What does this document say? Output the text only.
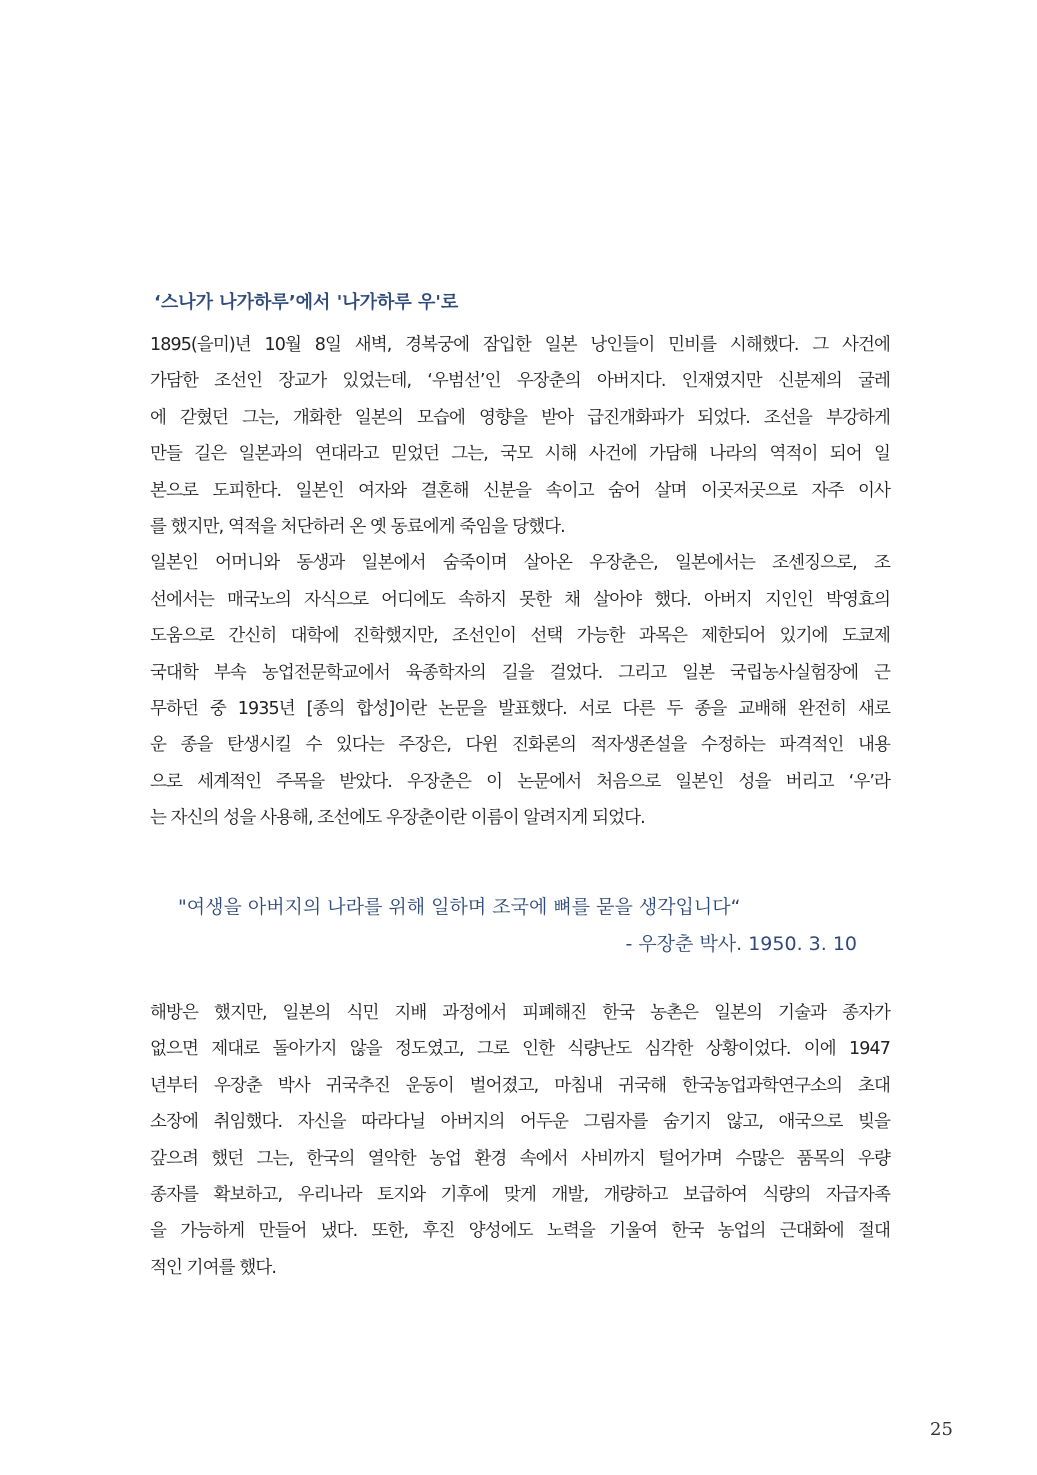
‘스나가 나가하루’에서 '나가하루 우'로

1895(을미)년 10월 8일 새벽, 경복궁에 잠입한 일본 낭인들이 민비를 시해했다. 그 사건에

가담한 조선인 장교가 있었는데, ‘우범선’인 우장춘의 아버지다. 인재였지만 신분제의 굴레

에 갇혔던 그는, 개화한 일본의 모습에 영향을 받아 급진개화파가 되었다. 조선을 부강하게

만들 길은 일본과의 연대라고 믿었던 그는, 국모 시해 사건에 가담해 나라의 역적이 되어 일

본으로 도피한다. 일본인 여자와 결혼해 신분을 속이고 숨어 살며 이곳저곳으로 자주 이사

를 했지만, 역적을 처단하러 온 옛 동료에게 죽임을 당했다.

일본인 어머니와 동생과 일본에서 숨죽이며 살아온 우장춘은, 일본에서는 조센징으로, 조

선에서는 매국노의 자식으로 어디에도 속하지 못한 채 살아야 했다. 아버지 지인인 박영효의

도움으로 간신히 대학에 진학했지만, 조선인이 선택 가능한 과목은 제한되어 있기에 도쿄제

국대학 부속 농업전문학교에서 육종학자의 길을 걸었다. 그리고 일본 국립농사실험장에 근

무하던 중 1935년 [종의 합성]이란 논문을 발표했다. 서로 다른 두 종을 교배해 완전히 새로

운 종을 탄생시킬 수 있다는 주장은, 다윈 진화론의 적자생존설을 수정하는 파격적인 내용

으로 세계적인 주목을 받았다. 우장춘은 이 논문에서 처음으로 일본인 성을 버리고 ‘우’라

는 자신의 성을 사용해, 조선에도 우장춘이란 이름이 알려지게 되었다.

"여생을 아버지의 나라를 위해 일하며 조국에 뼈를 묻을 생각입니다“

- 우장춘 박사. 1950. 3. 10

해방은 했지만, 일본의 식민 지배 과정에서 피폐해진 한국 농촌은 일본의 기술과 종자가

없으면 제대로 돌아가지 않을 정도였고, 그로 인한 식량난도 심각한 상황이었다. 이에 1947

년부터 우장춘 박사 귀국추진 운동이 벌어졌고, 마침내 귀국해 한국농업과학연구소의 초대

소장에 취임했다. 자신을 따라다닐 아버지의 어두운 그림자를 숨기지 않고, 애국으로 빚을

갚으려 했던 그는, 한국의 열악한 농업 환경 속에서 사비까지 털어가며 수많은 품목의 우량

종자를 확보하고, 우리나라 토지와 기후에 맞게 개발, 개량하고 보급하여 식량의 자급자족

을 가능하게 만들어 냈다. 또한, 후진 양성에도 노력을 기울여 한국 농업의 근대화에 절대

적인 기여를 했다.

25
